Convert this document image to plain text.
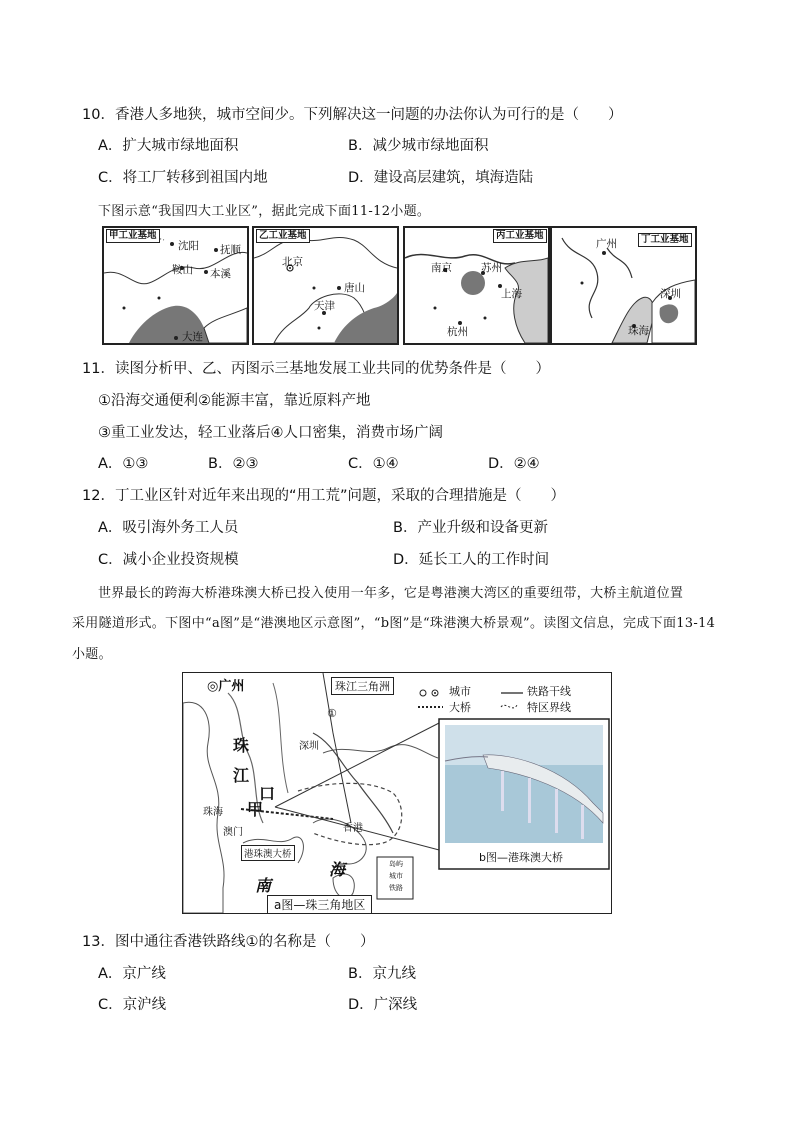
10．香港人多地狭，城市空间少。下列解决这一问题的办法你认为可行的是（　　）
A．扩大城市绿地面积	B．减少城市绿地面积
C．将工厂转移到祖国内地	D．建设高层建筑，填海造陆
下图示意“我国四大工业区”，据此完成下面11-12小题。
甲工业基地
沈阳 抚顺
鞍山 本溪
大连
乙工业基地
北京
唐山
天津
丙工业基地
南京	苏州
上海
杭州
丁工业基地
广州
深圳
珠海
11．读图分析甲、乙、丙图示三基地发展工业共同的优势条件是（　　）
①沿海交通便利②能源丰富，靠近原料产地
③重工业发达，轻工业落后④人口密集，消费市场广阔
A．①③	B．②③	C．①④	D．②④
12．丁工业区针对近年来出现的“用工荒”问题，采取的合理措施是（　　）
A．吸引海外务工人员	B．产业升级和设备更新
C．减小企业投资规模	D．延长工人的工作时间
世界最长的跨海大桥港珠澳大桥已投入使用一年多，它是粤港澳大湾区的重要纽带，大桥主航道位置
采用隧道形式。下图中“a图”是“港澳地区示意图”，“b图”是“珠港澳大桥景观”。读图文信息，完成下面13-14
小题。
◎广州	珠江三角洲
①
珠
江
口
甲
深圳
珠海
澳门	香港
港珠澳大桥
南
海
城市
大桥
铁路干线
特区界线
岛屿
城市
铁路
b图—港珠澳大桥
a图—珠三角地区
13．图中通往香港铁路线①的名称是（　　）
A．京广线	B．京九线
C．京沪线	D．广深线
